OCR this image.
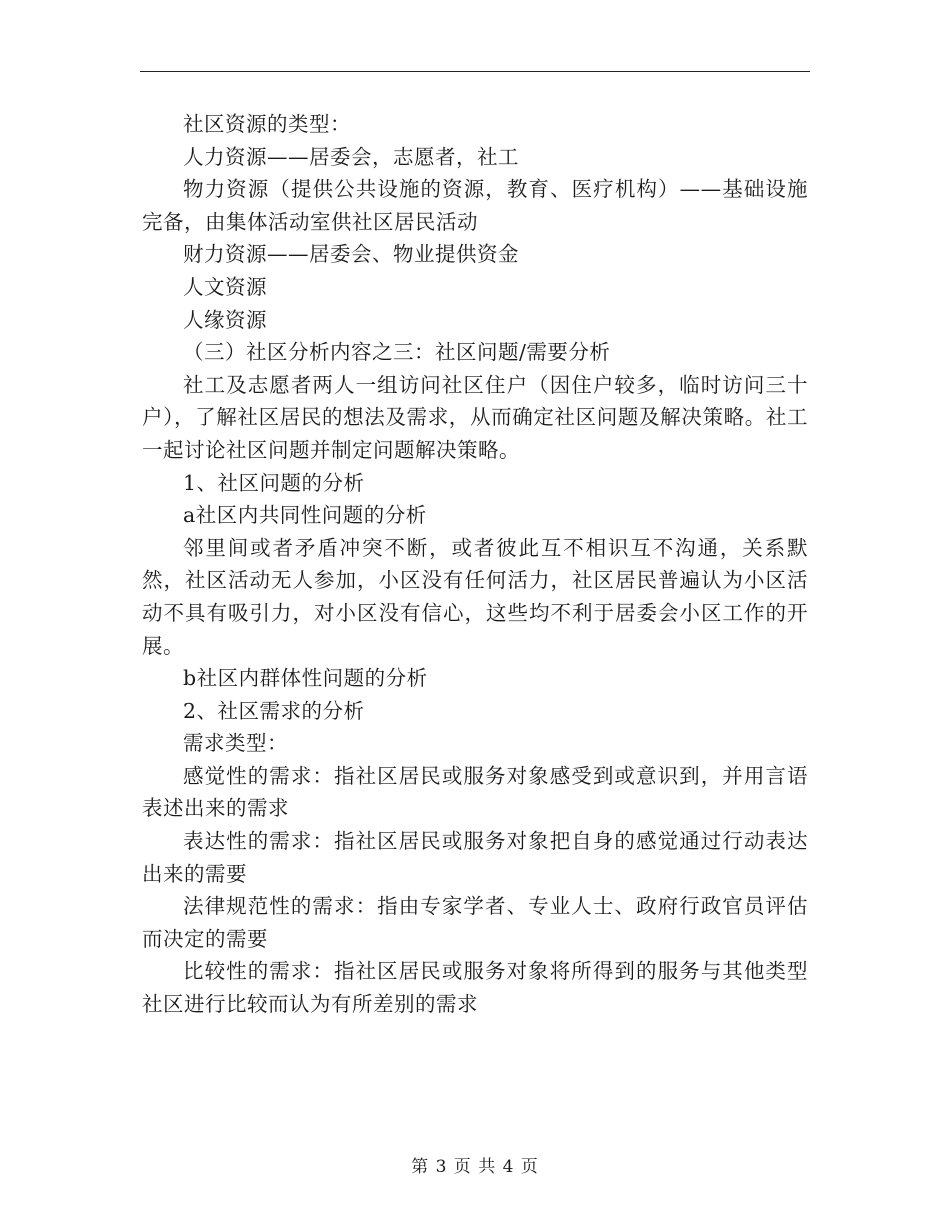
社区资源的类型：

人力资源——居委会，志愿者，社工

物力资源（提供公共设施的资源，教育、医疗机构）——基础设施完备，由集体活动室供社区居民活动

财力资源——居委会、物业提供资金

人文资源

人缘资源

（三）社区分析内容之三：社区问题/需要分析

社工及志愿者两人一组访问社区住户（因住户较多，临时访问三十户），了解社区居民的想法及需求，从而确定社区问题及解决策略。社工一起讨论社区问题并制定问题解决策略。

1、社区问题的分析

a社区内共同性问题的分析

邻里间或者矛盾冲突不断，或者彼此互不相识互不沟通，关系默然，社区活动无人参加，小区没有任何活力，社区居民普遍认为小区活动不具有吸引力，对小区没有信心，这些均不利于居委会小区工作的开展。

b社区内群体性问题的分析

2、社区需求的分析

需求类型：

感觉性的需求：指社区居民或服务对象感受到或意识到，并用言语表述出来的需求

表达性的需求：指社区居民或服务对象把自身的感觉通过行动表达出来的需要

法律规范性的需求：指由专家学者、专业人士、政府行政官员评估而决定的需要

比较性的需求：指社区居民或服务对象将所得到的服务与其他类型社区进行比较而认为有所差别的需求

第 3 页 共 4 页
